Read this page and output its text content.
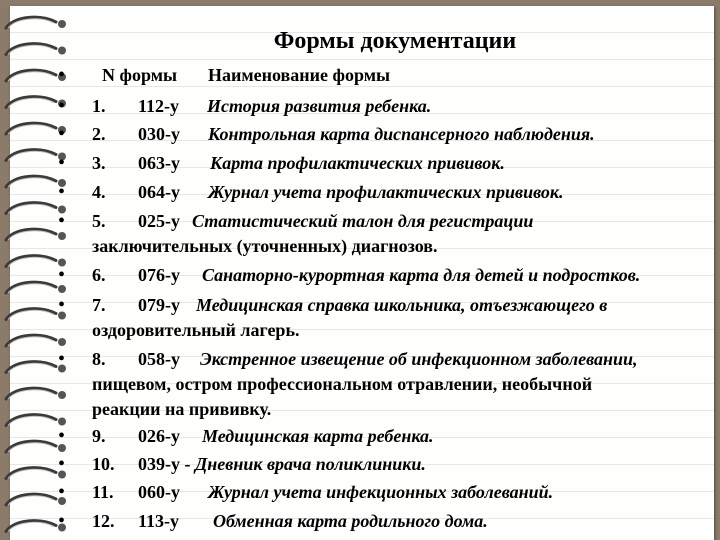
Формы документации
•
•
•
•
•
•
•
•
•
•
•
•
•
N формы Наименование формы
1. 112-у История развития ребенка.
2. 030-у Контрольная карта диспансерного наблюдения.
3. 063-у Карта профилактических прививок.
4. 064-у Журнал учета профилактических прививок.
5. 025-у Статистический талон для регистрации
заключительных (уточненных) диагнозов.
6. 076-у Санаторно-курортная карта для детей и подростков.
7. 079-у Медицинская справка школьника, отъезжающего в
оздоровительный лагерь.
8. 058-у Экстренное извещение об инфекционном заболевании,
пищевом, остром профессиональном отравлении, необычной
реакции на прививку.
9. 026-у Медицинская карта ребенка.
10. 039-у - Дневник врача поликлиники.
11. 060-у Журнал учета инфекционных заболеваний.
12. 113-у Обменная карта родильного дома.
